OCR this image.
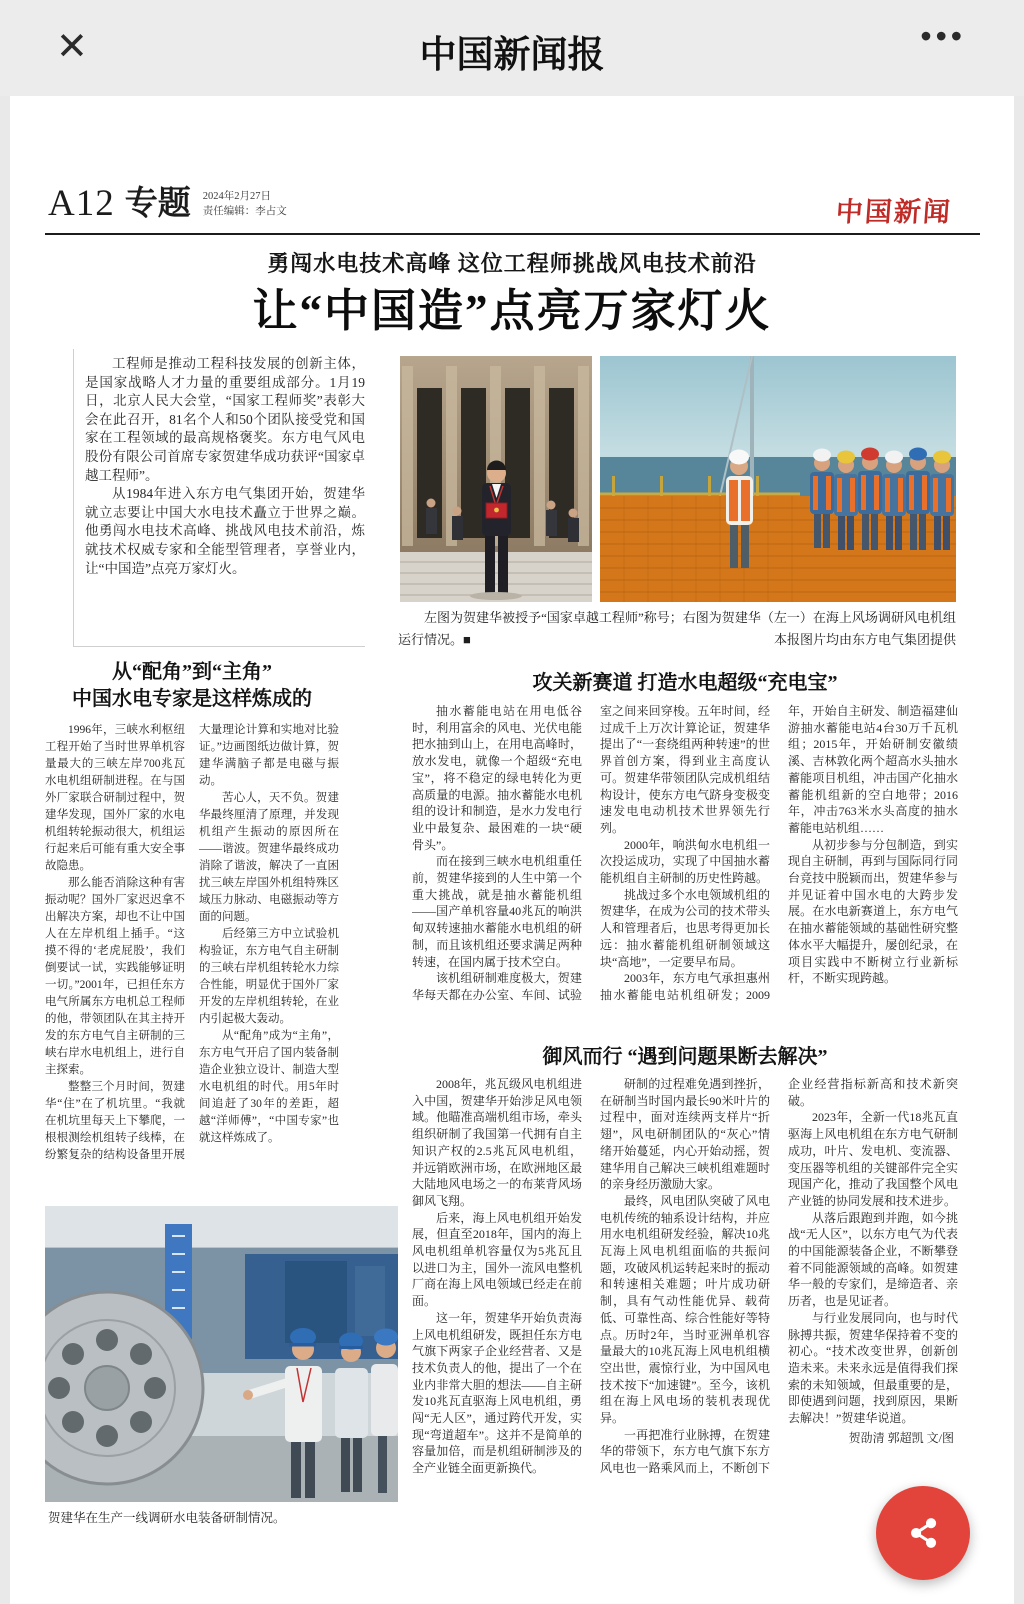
✕	中国新闻报	•••
A12 专题 2024年2月27日
责任编辑：李占文	中国新闻
勇闯水电技术高峰 这位工程师挑战风电技术前沿
让“中国造”点亮万家灯火

工程师是推动工程科技发展的创新主体，是国家战略人才力量的重要组成部分。1月19日，北京人民大会堂，“国家工程师奖”表彰大会在此召开，81名个人和50个团队接受党和国家在工程领域的最高规格褒奖。东方电气风电股份有限公司首席专家贺建华成功获评“国家卓越工程师”。

从1984年进入东方电气集团开始，贺建华就立志要让中国大水电技术矗立于世界之巅。他勇闯水电技术高峰、挑战风电技术前沿，炼就技术权威专家和全能型管理者，享誉业内，让“中国造”点亮万家灯火。

左图为贺建华被授予“国家卓越工程师”称号；右图为贺建华（左一）在海上风场调研风电机组运行情况。■	本报图片均由东方电气集团提供
从“配角”到“主角”
中国水电专家是这样炼成的

1996年，三峡水利枢纽工程开始了当时世界单机容量最大的三峡左岸700兆瓦水电机组研制进程。在与国外厂家联合研制过程中，贺建华发现，国外厂家的水电机组转轮振动很大，机组运行起来后可能有重大安全事故隐患。

那么能否消除这种有害振动呢？国外厂家迟迟拿不出解决方案，却也不让中国人在左岸机组上插手。“这摸不得的‘老虎屁股’，我们倒要试一试，实践能够证明一切。”2001年，已担任东方电气所属东方电机总工程师的他，带领团队在其主持开发的东方电气自主研制的三峡右岸水电机组上，进行自主探索。

整整三个月时间，贺建华“住”在了机坑里。“我就在机坑里每天上下攀爬，一根根测绘机组转子线棒，在纷繁复杂的结构设备里开展大量理论计算和实地对比验证。”边画图纸边做计算，贺建华满脑子都是电磁与振动。

苦心人，天不负。贺建华最终厘清了原理，并发现机组产生振动的原因所在——谐波。贺建华最终成功消除了谐波，解决了一直困扰三峡左岸国外机组特殊区域压力脉动、电磁振动等方面的问题。

后经第三方中立试验机构验证，东方电气自主研制的三峡右岸机组转轮水力综合性能，明显优于国外厂家开发的左岸机组转轮，在业内引起极大轰动。

从“配角”成为“主角”，东方电气开启了国内装备制造企业独立设计、制造大型水电机组的时代。用5年时间追赶了30年的差距，超越“洋师傅”，“中国专家”也就这样炼成了。

攻关新赛道 打造水电超级“充电宝”

抽水蓄能电站在用电低谷时，利用富余的风电、光伏电能把水抽到山上，在用电高峰时，放水发电，就像一个超级“充电宝”，将不稳定的绿电转化为更高质量的电源。抽水蓄能水电机组的设计和制造，是水力发电行业中最复杂、最困难的一块“硬骨头”。

而在接到三峡水电机组重任前，贺建华接到的人生中第一个重大挑战，就是抽水蓄能机组——国产单机容量40兆瓦的响洪甸双转速抽水蓄能水电机组的研制，而且该机组还要求满足两种转速，在国内属于技术空白。

该机组研制难度极大，贺建华每天都在办公室、车间、试验室之间来回穿梭。五年时间，经过成千上万次计算论证，贺建华提出了“一套绕组两种转速”的世界首创方案，得到业主高度认可。贺建华带领团队完成机组结构设计，使东方电气跻身变极变速发电电动机技术世界领先行列。

2000年，响洪甸水电机组一次投运成功，实现了中国抽水蓄能机组自主研制的历史性跨越。

挑战过多个水电领域机组的贺建华，在成为公司的技术带头人和管理者后，也思考得更加长远：抽水蓄能机组研制领域这块“高地”，一定要早布局。

2003年，东方电气承担惠州抽水蓄能电站机组研发；2009年，开始自主研发、制造福建仙游抽水蓄能电站4台30万千瓦机组；2015年，开始研制安徽绩溪、吉林敦化两个超高水头抽水蓄能项目机组，冲击国产化抽水蓄能机组新的空白地带；2016年，冲击763米水头高度的抽水蓄能电站机组……

从初步参与分包制造，到实现自主研制，再到与国际同行同台竞技中脱颖而出，贺建华参与并见证着中国水电的大跨步发展。在水电新赛道上，东方电气在抽水蓄能领域的基础性研究整体水平大幅提升，屡创纪录，在项目实践中不断树立行业新标杆，不断实现跨越。

御风而行 “遇到问题果断去解决”

2008年，兆瓦级风电机组进入中国，贺建华开始涉足风电领域。他瞄准高端机组市场，牵头组织研制了我国第一代拥有自主知识产权的2.5兆瓦风电机组，并远销欧洲市场，在欧洲地区最大陆地风电场之一的布莱背风场御风飞翔。

后来，海上风电机组开始发展，但直至2018年，国内的海上风电机组单机容量仅为5兆瓦且以进口为主，国外一流风电整机厂商在海上风电领域已经走在前面。

这一年，贺建华开始负责海上风电机组研发，既担任东方电气旗下两家子企业经营者、又是技术负责人的他，提出了一个在业内非常大胆的想法——自主研发10兆瓦直驱海上风电机组，勇闯“无人区”，通过跨代开发，实现“弯道超车”。这并不是简单的容量加倍，而是机组研制涉及的全产业链全面更新换代。

研制的过程难免遇到挫折，在研制当时国内最长90米叶片的过程中，面对连续两支样片“折翅”，风电研制团队的“灰心”情绪开始蔓延，内心开始动摇，贺建华用自己解决三峡机组难题时的亲身经历激励大家。

最终，风电团队突破了风电电机传统的轴系设计结构，并应用水电机组研发经验，解决10兆瓦海上风电机组面临的共振问题，攻破风机运转起来时的振动和转速相关难题；叶片成功研制，具有气动性能优异、载荷低、可靠性高、综合性能好等特点。历时2年，当时亚洲单机容量最大的10兆瓦海上风电机组横空出世，震惊行业，为中国风电技术按下“加速键”。至今，该机组在海上风电场的装机表现优异。

一再把准行业脉搏，在贺建华的带领下，东方电气旗下东方风电也一路乘风而上，不断创下企业经营指标新高和技术新突破。

2023年，全新一代18兆瓦直驱海上风电机组在东方电气研制成功，叶片、发电机、变流器、变压器等机组的关键部件完全实现国产化，推动了我国整个风电产业链的协同发展和技术进步。

从落后跟跑到并跑，如今挑战“无人区”，以东方电气为代表的中国能源装备企业，不断攀登着不同能源领域的高峰。如贺建华一般的专家们，是缔造者、亲历者，也是见证者。

与行业发展同向，也与时代脉搏共振，贺建华保持着不变的初心。“技术改变世界，创新创造未来。未来永远是值得我们探索的未知领域，但最重要的是，即使遇到问题，找到原因，果断去解决！”贺建华说道。

贺劭清 郭超凯 文/图

贺建华在生产一线调研水电装备研制情况。
